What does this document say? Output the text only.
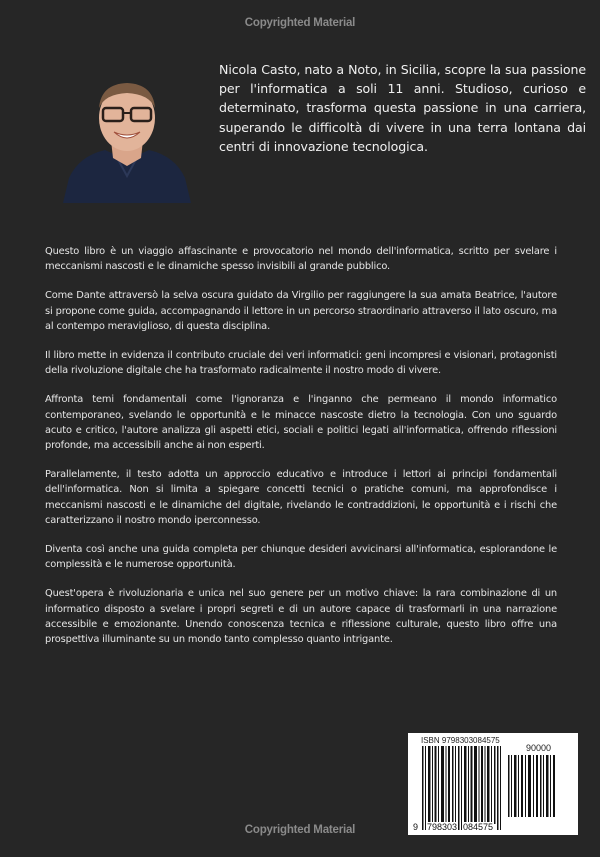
Copyrighted Material
Nicola Casto, nato a Noto, in Sicilia, scopre la sua passione per l'informatica a soli 11 anni. Studioso, curioso e determinato, trasforma questa passione in una carriera, superando le difficoltà di vivere in una terra lontana dai centri di innovazione tecnologica.

Questo libro è un viaggio affascinante e provocatorio nel mondo dell'informatica, scritto per svelare i meccanismi nascosti e le dinamiche spesso invisibili al grande pubblico.

Come Dante attraversò la selva oscura guidato da Virgilio per raggiungere la sua amata Beatrice, l'autore si propone come guida, accompagnando il lettore in un percorso straordinario attraverso il lato oscuro, ma al contempo meraviglioso, di questa disciplina.

Il libro mette in evidenza il contributo cruciale dei veri informatici: geni incompresi e visionari, protagonisti della rivoluzione digitale che ha trasformato radicalmente il nostro modo di vivere.

Affronta temi fondamentali come l'ignoranza e l'inganno che permeano il mondo informatico contemporaneo, svelando le opportunità e le minacce nascoste dietro la tecnologia. Con uno sguardo acuto e critico, l'autore analizza gli aspetti etici, sociali e politici legati all'informatica, offrendo riflessioni profonde, ma accessibili anche ai non esperti.

Parallelamente, il testo adotta un approccio educativo e introduce i lettori ai principi fondamentali dell'informatica. Non si limita a spiegare concetti tecnici o pratiche comuni, ma approfondisce i meccanismi nascosti e le dinamiche del digitale, rivelando le contraddizioni, le opportunità e i rischi che caratterizzano il nostro mondo iperconnesso.

Diventa così anche una guida completa per chiunque desideri avvicinarsi all'informatica, esplorandone le complessità e le numerose opportunità.

Quest'opera è rivoluzionaria e unica nel suo genere per un motivo chiave: la rara combinazione di un informatico disposto a svelare i propri segreti e di un autore capace di trasformarli in una narrazione accessibile e emozionante. Unendo conoscenza tecnica e riflessione culturale, questo libro offre una prospettiva illuminante su un mondo tanto complesso quanto intrigante.

ISBN 9798303084575
90000
9 798303 084575
Copyrighted Material
